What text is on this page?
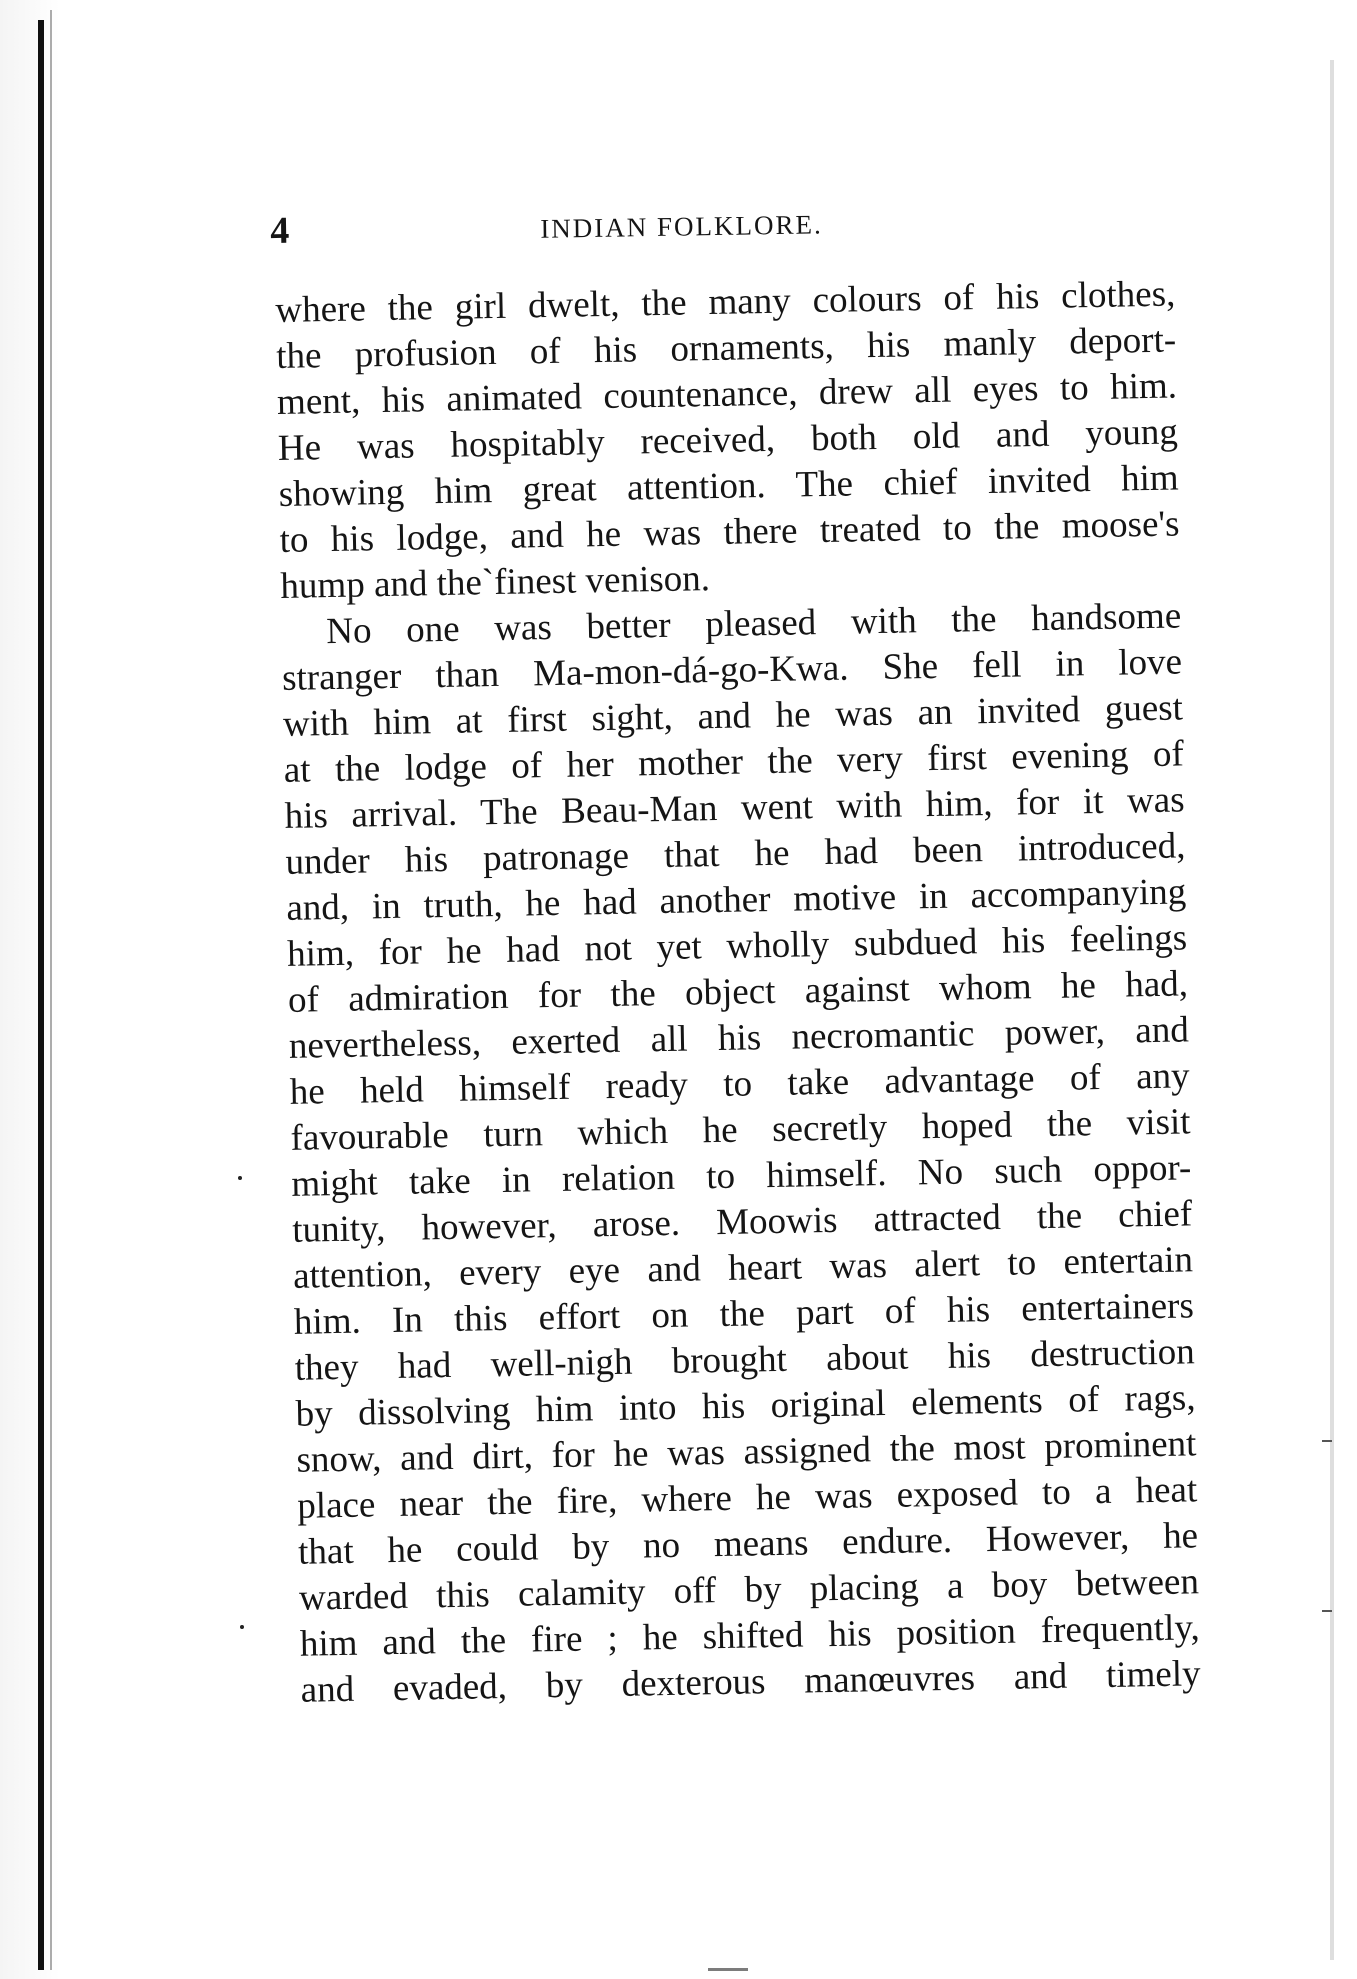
4	INDIAN FOLKLORE.
where the girl dwelt, the many colours of his clothes,
the profusion of his ornaments, his manly deport-
ment, his animated countenance, drew all eyes to him.
He was hospitably received, both old and young
showing him great attention. The chief invited him
to his lodge, and he was there treated to the moose's
hump and the`finest venison.
No one was better pleased with the handsome
stranger than Ma-mon-dá-go-Kwa. She fell in love
with him at first sight, and he was an invited guest
at the lodge of her mother the very first evening of
his arrival. The Beau-Man went with him, for it was
under his patronage that he had been introduced,
and, in truth, he had another motive in accompanying
him, for he had not yet wholly subdued his feelings
of admiration for the object against whom he had,
nevertheless, exerted all his necromantic power, and
he held himself ready to take advantage of any
favourable turn which he secretly hoped the visit
might take in relation to himself. No such oppor-
tunity, however, arose. Moowis attracted the chief
attention, every eye and heart was alert to entertain
him. In this effort on the part of his entertainers
they had well-nigh brought about his destruction
by dissolving him into his original elements of rags,
snow, and dirt, for he was assigned the most prominent
place near the fire, where he was exposed to a heat
that he could by no means endure. However, he
warded this calamity off by placing a boy between
him and the fire ; he shifted his position frequently,
and evaded, by dexterous manœuvres and timely
